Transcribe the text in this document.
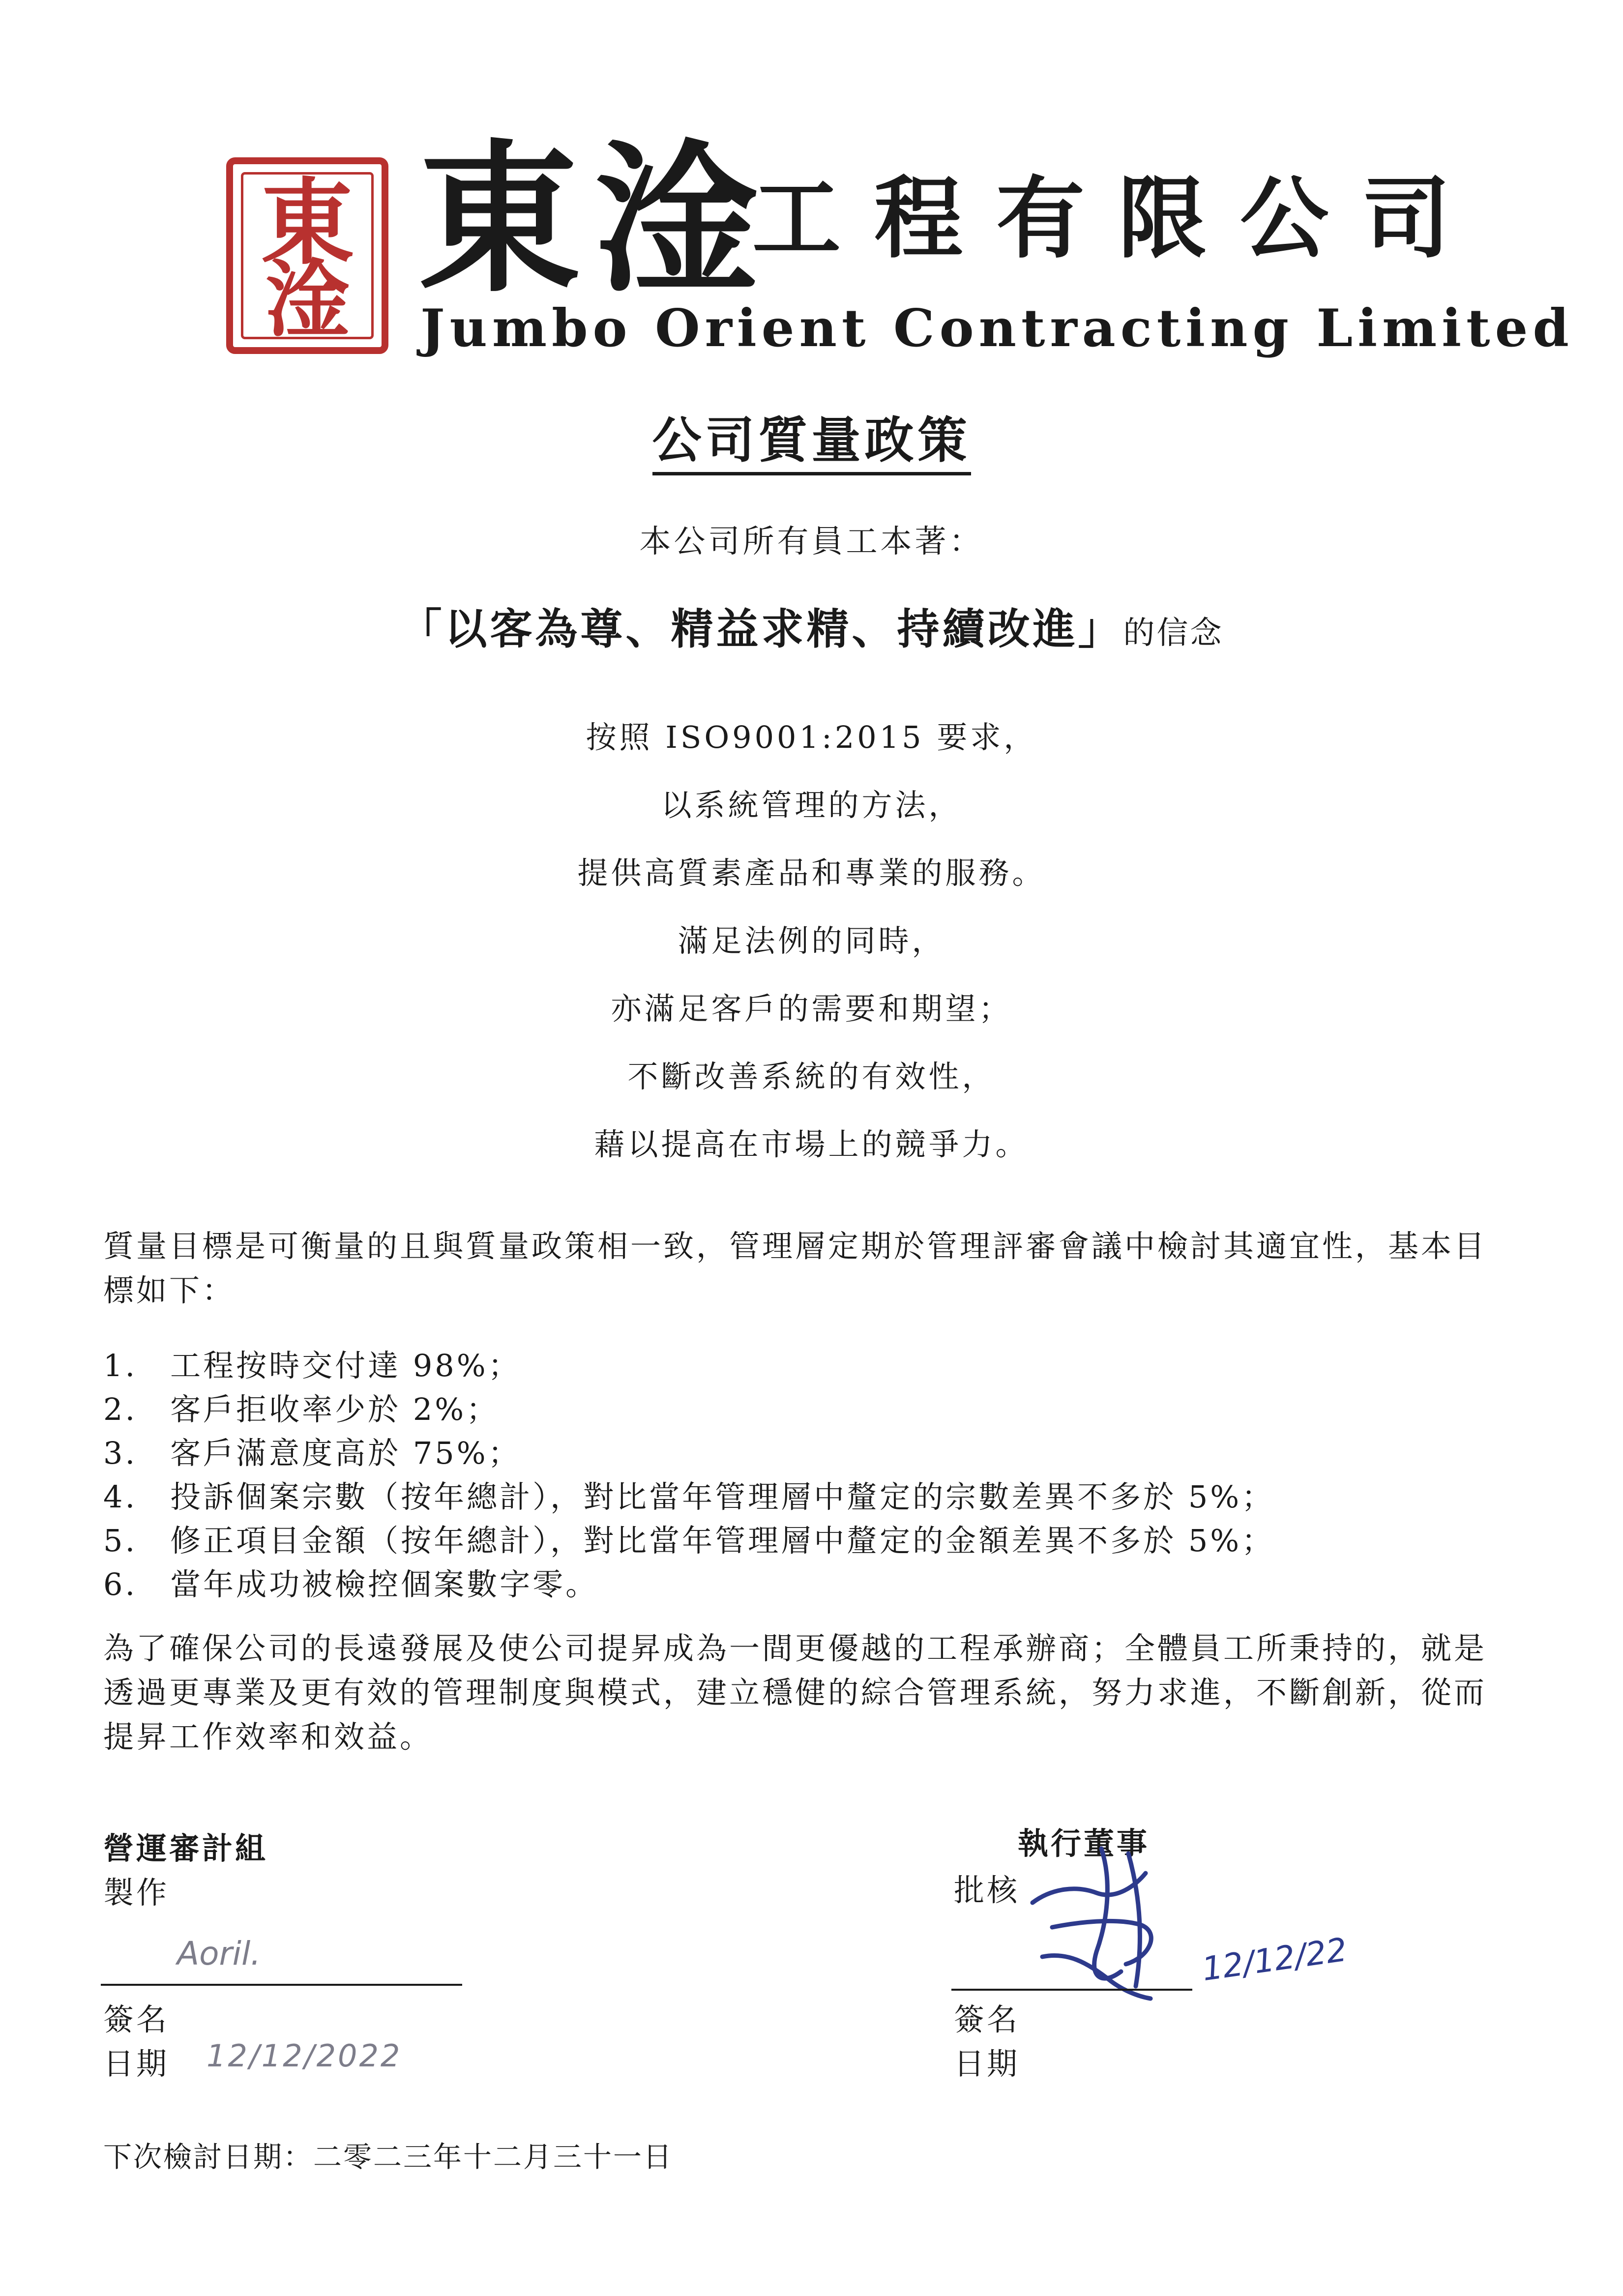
東
淦 東淦
工程有限公司
Jumbo Orient Contracting Limited
公司質量政策
本公司所有員工本著：
「以客為尊、精益求精、持續改進」的信念
按照 ISO9001:2015 要求，
以系統管理的方法，
提供高質素產品和專業的服務。
滿足法例的同時，
亦滿足客戶的需要和期望；
不斷改善系統的有效性，
藉以提高在市場上的競爭力。
質量目標是可衡量的且與質量政策相一致，管理層定期於管理評審會議中檢討其適宜性，基本目標如下：
1.　工程按時交付達 98%；
2.　客戶拒收率少於 2%；
3.　客戶滿意度高於 75%；
4.　投訴個案宗數（按年總計），對比當年管理層中釐定的宗數差異不多於 5%；
5.　修正項目金額（按年總計），對比當年管理層中釐定的金額差異不多於 5%；
6.　當年成功被檢控個案數字零。
為了確保公司的長遠發展及使公司提昇成為一間更優越的工程承辦商；全體員工所秉持的，就是透過更專業及更有效的管理制度與模式，建立穩健的綜合管理系統，努力求進，不斷創新，從而提昇工作效率和效益。
營運審計組
製作
Aoril.
簽名
日期 12/12/2022
執行董事
批核
12/12/22
簽名
日期
下次檢討日期：二零二三年十二月三十一日
